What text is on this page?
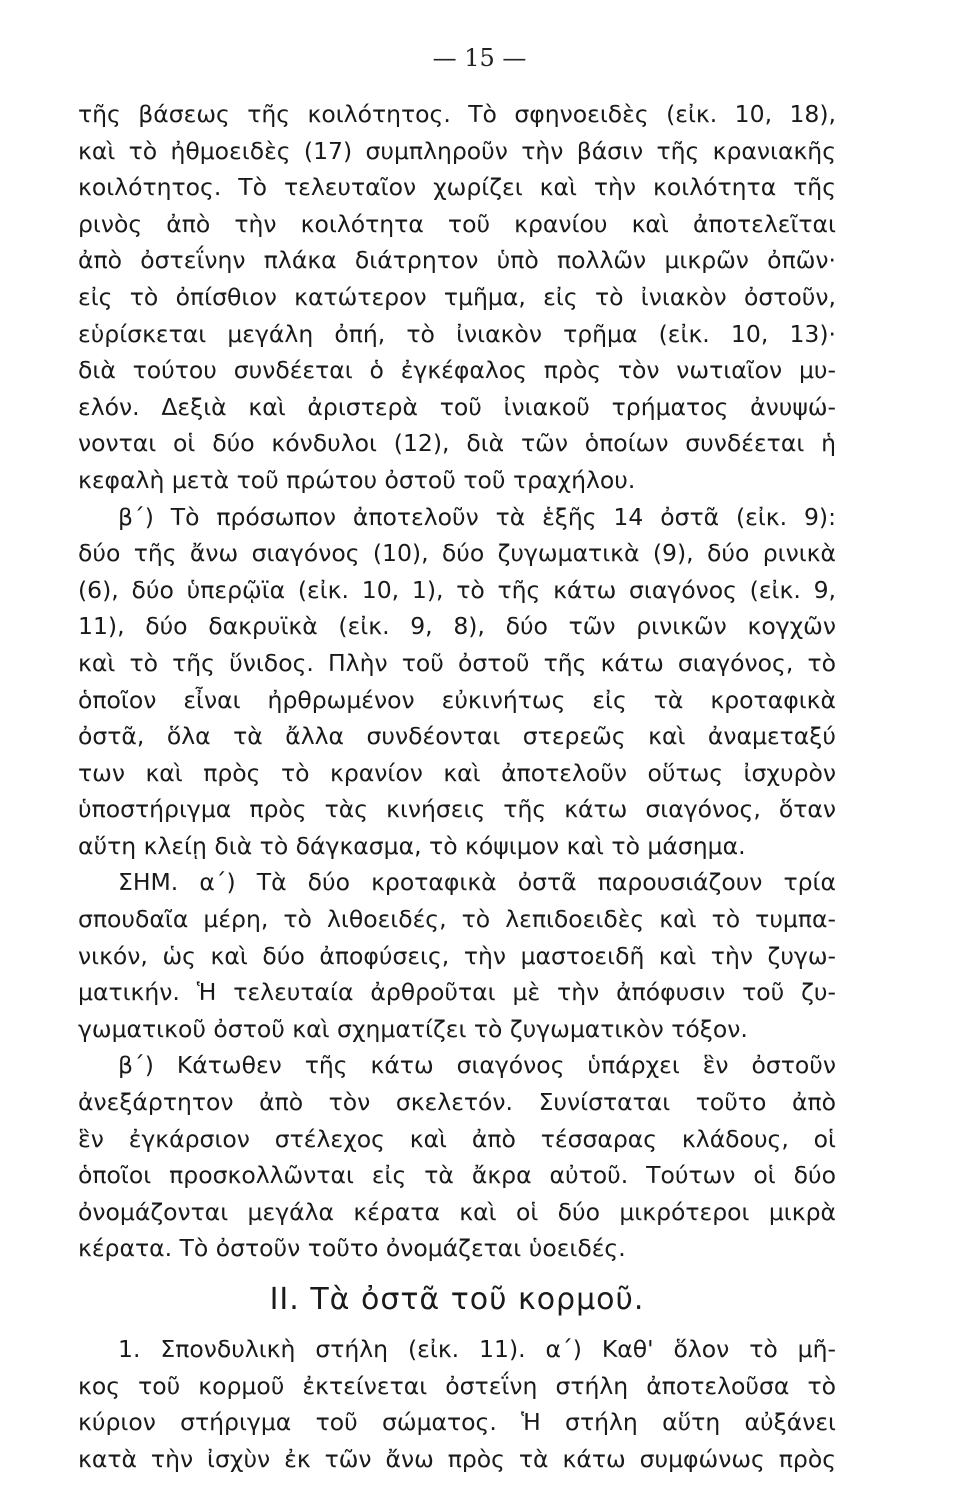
— 15 —
τῆς βάσεως τῆς κοιλότητος. Τὸ σφηνοειδὲς (εἰκ. 10, 18),
καὶ τὸ ἠθμοειδὲς (17) συμπληροῦν τὴν βάσιν τῆς κρανιακῆς
κοιλότητος. Τὸ τελευταῖον χωρίζει καὶ τὴν κοιλότητα τῆς
ρινὸς ἀπὸ τὴν κοιλότητα τοῦ κρανίου καὶ ἀποτελεῖται
ἀπὸ ὀστεΐνην πλάκα διάτρητον ὑπὸ πολλῶν μικρῶν ὀπῶν·
εἰς τὸ ὀπίσθιον κατώτερον τμῆμα, εἰς τὸ ἰνιακὸν ὀστοῦν,
εὑρίσκεται μεγάλη ὀπή, τὸ ἰνιακὸν τρῆμα (εἰκ. 10, 13)·
διὰ τούτου συνδέεται ὁ ἐγκέφαλος πρὸς τὸν νωτιαῖον μυ-
ελόν. Δεξιὰ καὶ ἀριστερὰ τοῦ ἰνιακοῦ τρήματος ἀνυψώ-
νονται οἱ δύο κόνδυλοι (12), διὰ τῶν ὁποίων συνδέεται ἡ
κεφαλὴ μετὰ τοῦ πρώτου ὀστοῦ τοῦ τραχήλου.
β΄) Τὸ πρόσωπον ἀποτελοῦν τὰ ἑξῆς 14 ὀστᾶ (εἰκ. 9):
δύο τῆς ἄνω σιαγόνος (10), δύο ζυγωματικὰ (9), δύο ρινικὰ
(6), δύο ὑπερῷϊα (εἰκ. 10, 1), τὸ τῆς κάτω σιαγόνος (εἰκ. 9,
11), δύο δακρυϊκὰ (εἰκ. 9, 8), δύο τῶν ρινικῶν κογχῶν
καὶ τὸ τῆς ὕνιδος. Πλὴν τοῦ ὀστοῦ τῆς κάτω σιαγόνος, τὸ
ὁποῖον εἶναι ἠρθρωμένον εὐκινήτως εἰς τὰ κροταφικὰ
ὀστᾶ, ὅλα τὰ ἄλλα συνδέονται στερεῶς καὶ ἀναμεταξύ
των καὶ πρὸς τὸ κρανίον καὶ ἀποτελοῦν οὕτως ἰσχυρὸν
ὑποστήριγμα πρὸς τὰς κινήσεις τῆς κάτω σιαγόνος, ὅταν
αὕτη κλείῃ διὰ τὸ δάγκασμα, τὸ κόψιμον καὶ τὸ μάσημα.
ΣΗΜ. α΄) Τὰ δύο κροταφικὰ ὀστᾶ παρουσιάζουν τρία
σπουδαῖα μέρη, τὸ λιθοειδές, τὸ λεπιδοειδὲς καὶ τὸ τυμπα-
νικόν, ὡς καὶ δύο ἀποφύσεις, τὴν μαστοειδῆ καὶ τὴν ζυγω-
ματικήν. Ἡ τελευταία ἀρθροῦται μὲ τὴν ἀπόφυσιν τοῦ ζυ-
γωματικοῦ ὀστοῦ καὶ σχηματίζει τὸ ζυγωματικὸν τόξον.
β΄) Κάτωθεν τῆς κάτω σιαγόνος ὑπάρχει ἓν ὀστοῦν
ἀνεξάρτητον ἀπὸ τὸν σκελετόν. Συνίσταται τοῦτο ἀπὸ
ἓν ἐγκάρσιον στέλεχος καὶ ἀπὸ τέσσαρας κλάδους, οἱ
ὁποῖοι προσκολλῶνται εἰς τὰ ἄκρα αὐτοῦ. Τούτων οἱ δύο
ὀνομάζονται μεγάλα κέρατα καὶ οἱ δύο μικρότεροι μικρὰ
κέρατα. Τὸ ὀστοῦν τοῦτο ὀνομάζεται ὑοειδές.
II. Τὰ ὀστᾶ τοῦ κορμοῦ.
1. Σπονδυλικὴ στήλη (εἰκ. 11). α΄) Καθ' ὅλον τὸ μῆ-
κος τοῦ κορμοῦ ἐκτείνεται ὀστεΐνη στήλη ἀποτελοῦσα τὸ
κύριον στήριγμα τοῦ σώματος. Ἡ στήλη αὕτη αὐξάνει
κατὰ τὴν ἰσχὺν ἐκ τῶν ἄνω πρὸς τὰ κάτω συμφώνως πρὸς
